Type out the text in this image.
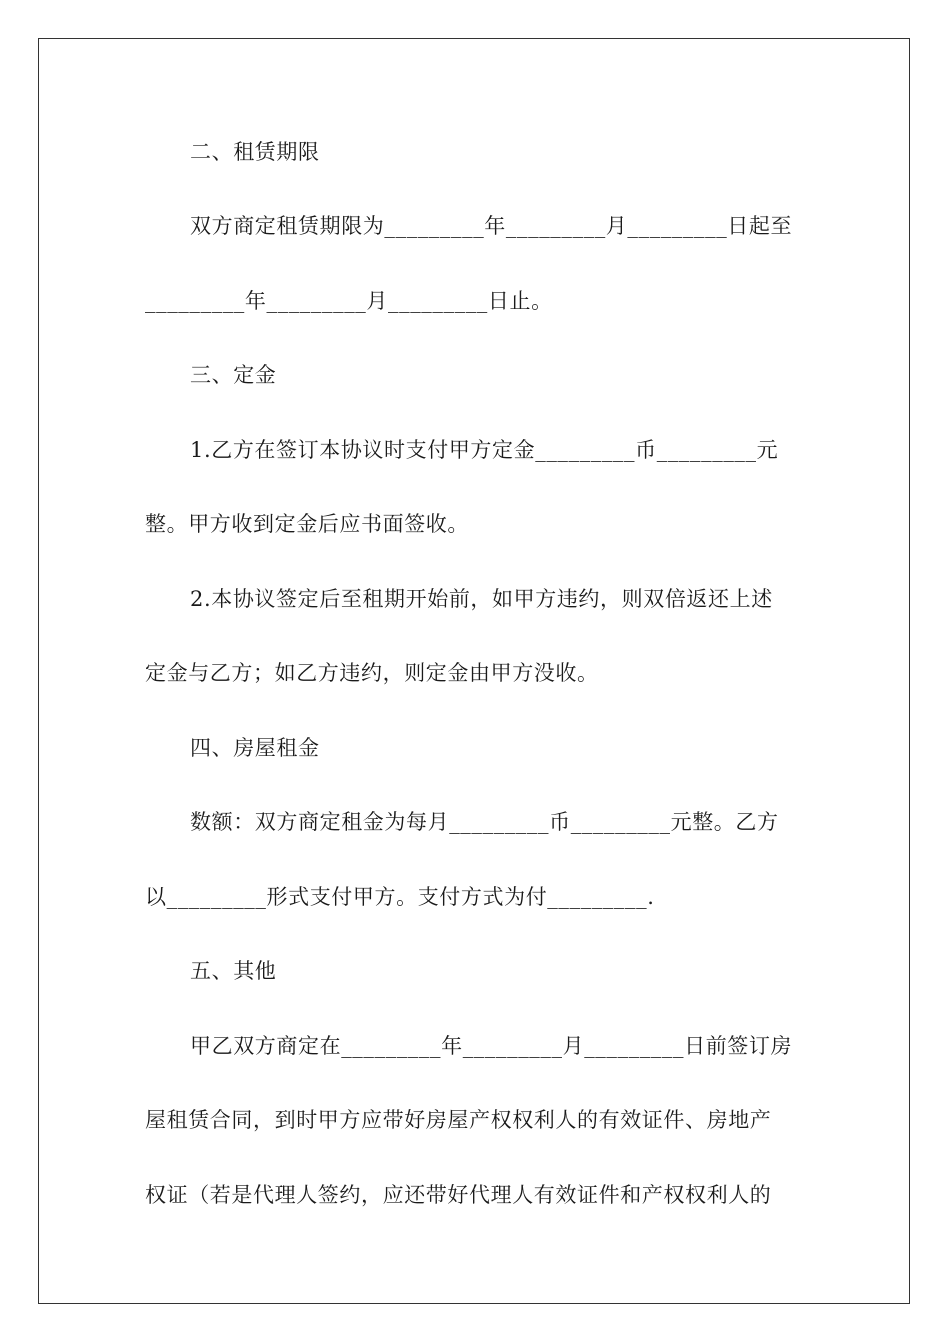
二、租赁期限
双方商定租赁期限为_________年_________月_________日起至
_________年_________月_________日止。
三、定金
1.乙方在签订本协议时支付甲方定金_________币_________元
整。甲方收到定金后应书面签收。
2.本协议签定后至租期开始前，如甲方违约，则双倍返还上述
定金与乙方；如乙方违约，则定金由甲方没收。
四、房屋租金
数额：双方商定租金为每月_________币_________元整。乙方
以_________形式支付甲方。支付方式为付_________.
五、其他
甲乙双方商定在_________年_________月_________日前签订房
屋租赁合同，到时甲方应带好房屋产权权利人的有效证件、房地产
权证（若是代理人签约，应还带好代理人有效证件和产权权利人的
